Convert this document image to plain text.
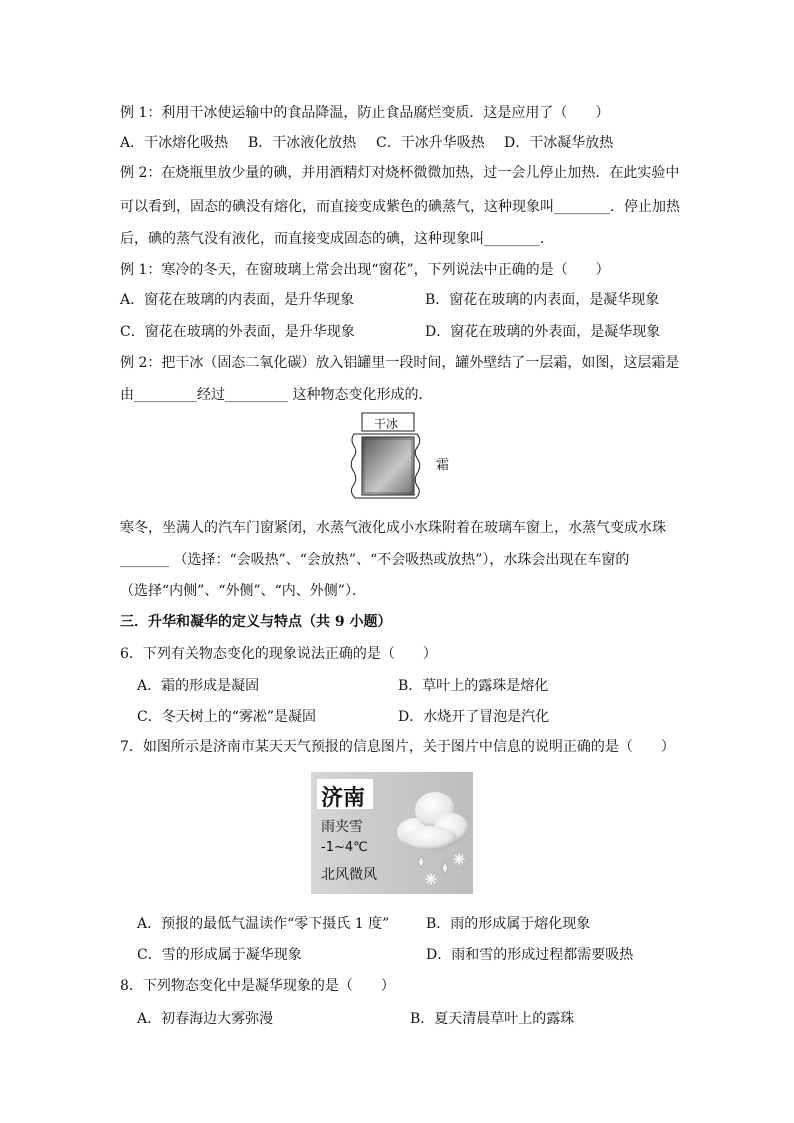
例 1：利用干冰使运输中的食品降温，防止食品腐烂变质．这是应用了（　　）
A．干冰熔化吸热 B．干冰液化放热 C．干冰升华吸热 D．干冰凝华放热
例 2：在烧瓶里放少量的碘，并用酒精灯对烧杯微微加热，过一会儿停止加热．在此实验中
可以看到，固态的碘没有熔化，而直接变成紫色的碘蒸气，这种现象叫________．停止加热
后，碘的蒸气没有液化，而直接变成固态的碘，这种现象叫________．
例 1：寒冷的冬天，在窗玻璃上常会出现“窗花”，下列说法中正确的是（　　）
A．窗花在玻璃的内表面，是升华现象	B．窗花在玻璃的内表面，是凝华现象
C．窗花在玻璃的外表面，是升华现象	D．窗花在玻璃的外表面，是凝华现象
例 2：把干冰（固态二氧化碳）放入铝罐里一段时间，罐外壁结了一层霜，如图，这层霜是
由_________经过_________ 这种物态变化形成的．
干冰
霜
寒冬，坐满人的汽车门窗紧闭，水蒸气液化成小水珠附着在玻璃车窗上，水蒸气变成水珠
_______ （选择：“会吸热”、“会放热”、“不会吸热或放热”），水珠会出现在车窗的
（选择“内侧”、“外侧”、“内、外侧”）．
三．升华和凝华的定义与特点（共 9 小题）
6．下列有关物态变化的现象说法正确的是（　　）
A．霜的形成是凝固	B．草叶上的露珠是熔化
C．冬天树上的“雾凇”是凝固	D．水烧开了冒泡是汽化
7．如图所示是济南市某天天气预报的信息图片，关于图片中信息的说明正确的是（　　）
济南
雨夹雪
-1~4℃
北风微风
A．预报的最低气温读作“零下摄氏 1 度”	B．雨的形成属于熔化现象
C．雪的形成属于凝华现象	D．雨和雪的形成过程都需要吸热
8．下列物态变化中是凝华现象的是（　　）
A．初春海边大雾弥漫	B．夏天清晨草叶上的露珠
